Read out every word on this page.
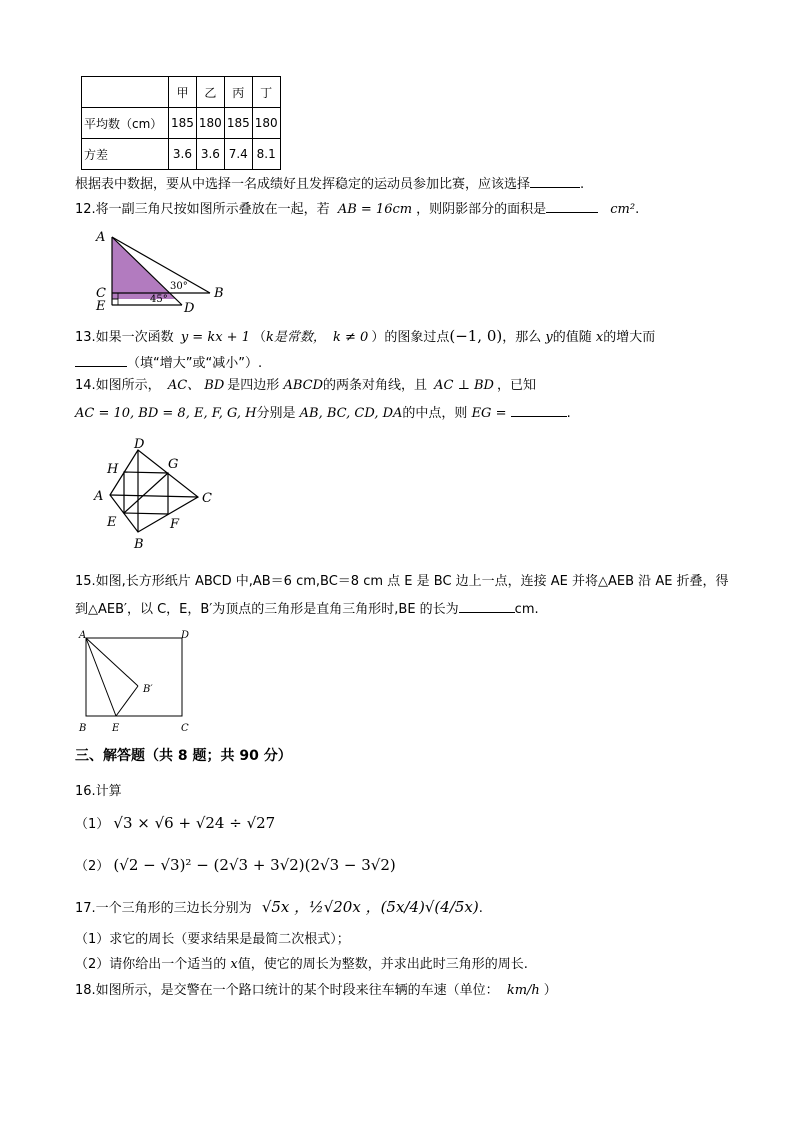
	甲	乙	丙	丁
平均数（cm）	185	180	185	180
方差	3.6	3.6	7.4	8.1
根据表中数据，要从中选择一名成绩好且发挥稳定的运动员参加比赛，应该选择	.
12.将一副三角尺按如图所示叠放在一起，若 AB = 16cm ，则阴影部分的面积是	cm².
A
C
E	D
B
30°
45°
13.如果一次函数 y = kx + 1 （k是常数， k ≠ 0 ）的图象过点(−1, 0)，那么 y的值随 x的增大而
（填“增大”或“减小”）.
14.如图所示， AC、 BD 是四边形 ABCD的两条对角线，且 AC ⊥ BD ，已知
AC = 10, BD = 8, E, F, G, H分别是 AB, BC, CD, DA的中点，则 EG =	.
D
H	G
A	C
E	F
B
15.如图,长方形纸片 ABCD 中,AB＝6 cm,BC＝8 cm 点 E 是 BC 边上一点，连接 AE 并将△AEB 沿 AE 折叠，得
到△AEB′，以 C，E，B′为顶点的三角形是直角三角形时,BE 的长为	cm.
A	D
B′
B	E	C
三、解答题（共 8 题；共 90 分）
16.计算
（1） √3 × √6 + √24 ÷ √27
（2） (√2 − √3)² − (2√3 + 3√2)(2√3 − 3√2)
17.一个三角形的三边长分别为 √5x ，½√20x ，(5x/4)√(4/5x).
（1）求它的周长（要求结果是最简二次根式）；
（2）请你给出一个适当的 x值，使它的周长为整数，并求出此时三角形的周长.
18.如图所示，是交警在一个路口统计的某个时段来往车辆的车速（单位： km/h ）
